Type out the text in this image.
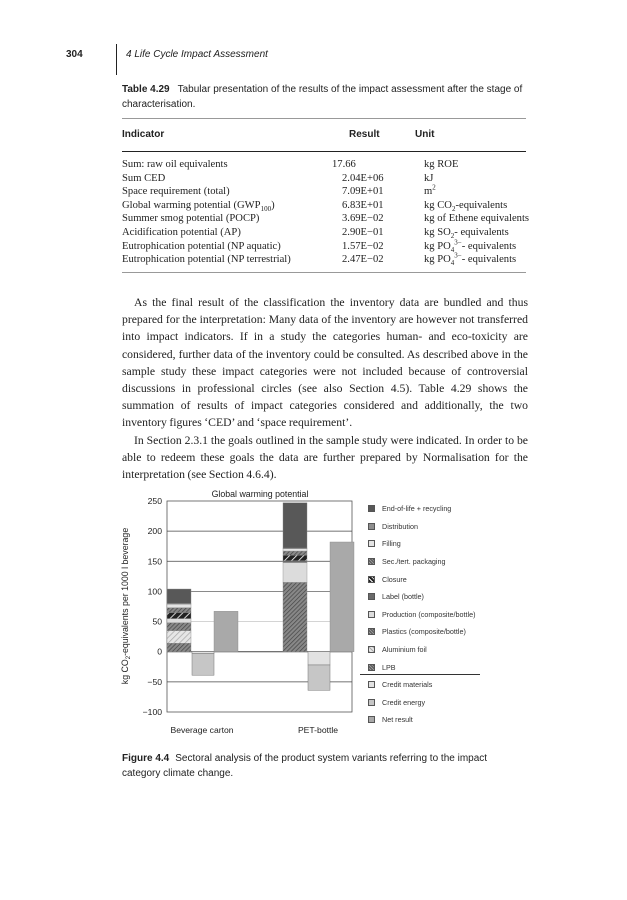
304	4 Life Cycle Impact Assessment
Table 4.29 Tabular presentation of the results of the impact assessment after the stage of characterisation.
Indicator	Result	Unit
Sum: raw oil equivalents	17.66	kg ROE
Sum CED	2.04E+06	kJ
Space requirement (total)	7.09E+01	$m^2$
Global warming potential $(GWP_{100})$	6.83E+01	kg $CO_2$-equivalents
Summer smog potential (POCP)	3.69E−02	kg of Ethene equivalents
Acidification potential (AP)	2.90E−01	kg $SO_2-$ equivalents
Eutrophication potential (NP aquatic)	1.57E−02	kg $PO_4^{3-}-$ equivalents
Eutrophication potential (NP terrestrial)	2.47E−02	kg $PO_4^{3-}-$ equivalents

As the final result of the classification the inventory data are bundled and thus prepared for the interpretation: Many data of the inventory are however not transferred into impact indicators. If in a study the categories human- and eco-toxicity are considered, further data of the inventory could be consulted. As described above in the sample study these impact categories were not included because of controversial discussions in professional circles (see also Section 4.5). Table 4.29 shows the summation of results of impact categories considered and additionally, the two inventory figures ‘CED’ and ‘space requirement’.

In Section 2.3.1 the goals outlined in the sample study were indicated. In order to be able to redeem these goals the data are further prepared by Normalisation for the interpretation (see Section 4.6.4).

Global warming potential
kg $CO_2$-equivalents per 1000 l beverage
250
200
150
100
50
0
−50
−100
Beverage carton	PET-bottle
End-of-life + recycling
Distribution
Filling
Sec./tert. packaging
Closure
Label (bottle)
Production (composite/bottle)
Plastics (composite/bottle)
Aluminium foil
LPB
Credit materials
Credit energy
Net result
Figure 4.4 Sectoral analysis of the product system variants referring to the impact category climate change.
